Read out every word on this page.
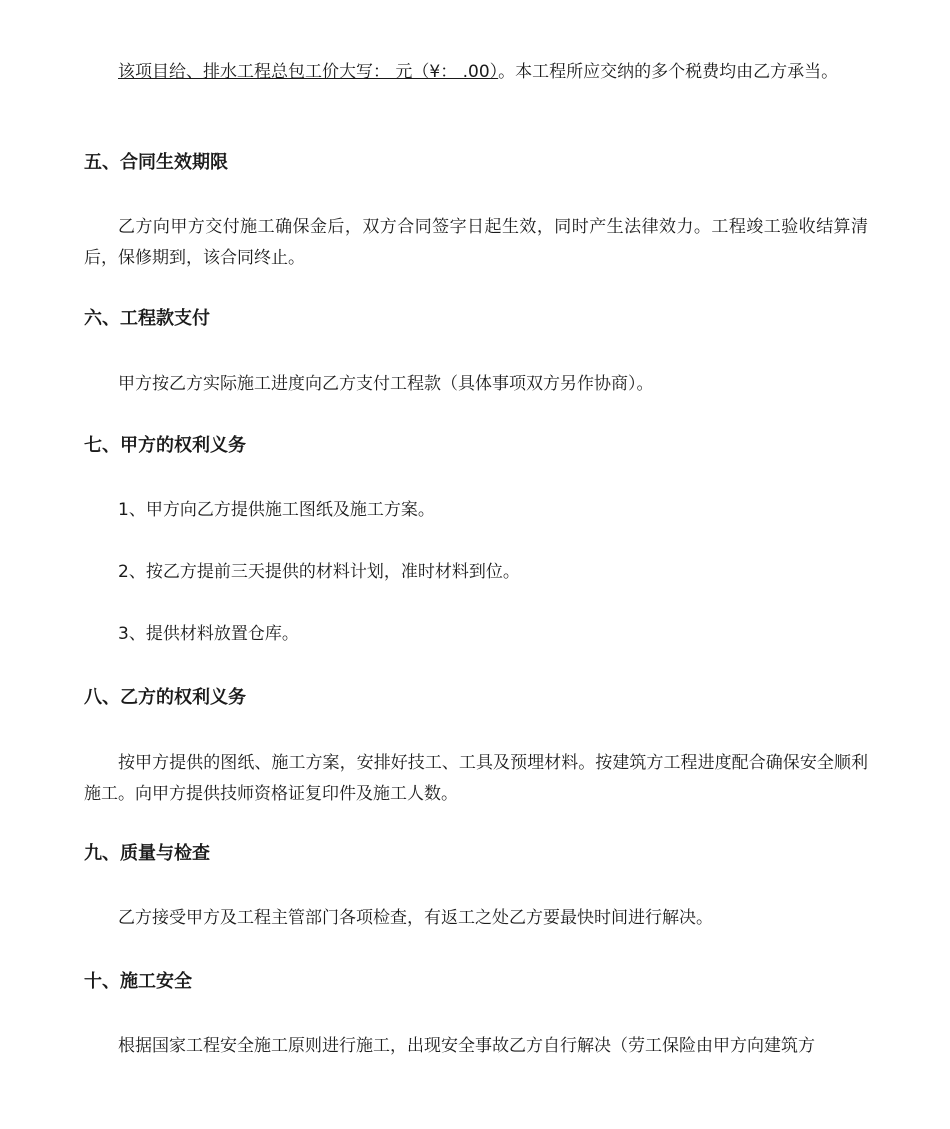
该项目给、排水工程总包工价大写： 元（¥： .00）。本工程所应交纳的多个税费均由乙方承当。

五、合同生效期限

乙方向甲方交付施工确保金后，双方合同签字日起生效，同时产生法律效力。工程竣工验收结算清后，保修期到，该合同终止。

六、工程款支付

甲方按乙方实际施工进度向乙方支付工程款（具体事项双方另作协商）。

七、甲方的权利义务

1、甲方向乙方提供施工图纸及施工方案。

2、按乙方提前三天提供的材料计划，准时材料到位。

3、提供材料放置仓库。

八、乙方的权利义务

按甲方提供的图纸、施工方案，安排好技工、工具及预埋材料。按建筑方工程进度配合确保安全顺利施工。向甲方提供技师资格证复印件及施工人数。

九、质量与检查

乙方接受甲方及工程主管部门各项检查，有返工之处乙方要最快时间进行解决。

十、施工安全

根据国家工程安全施工原则进行施工，出现安全事故乙方自行解决（劳工保险由甲方向建筑方
